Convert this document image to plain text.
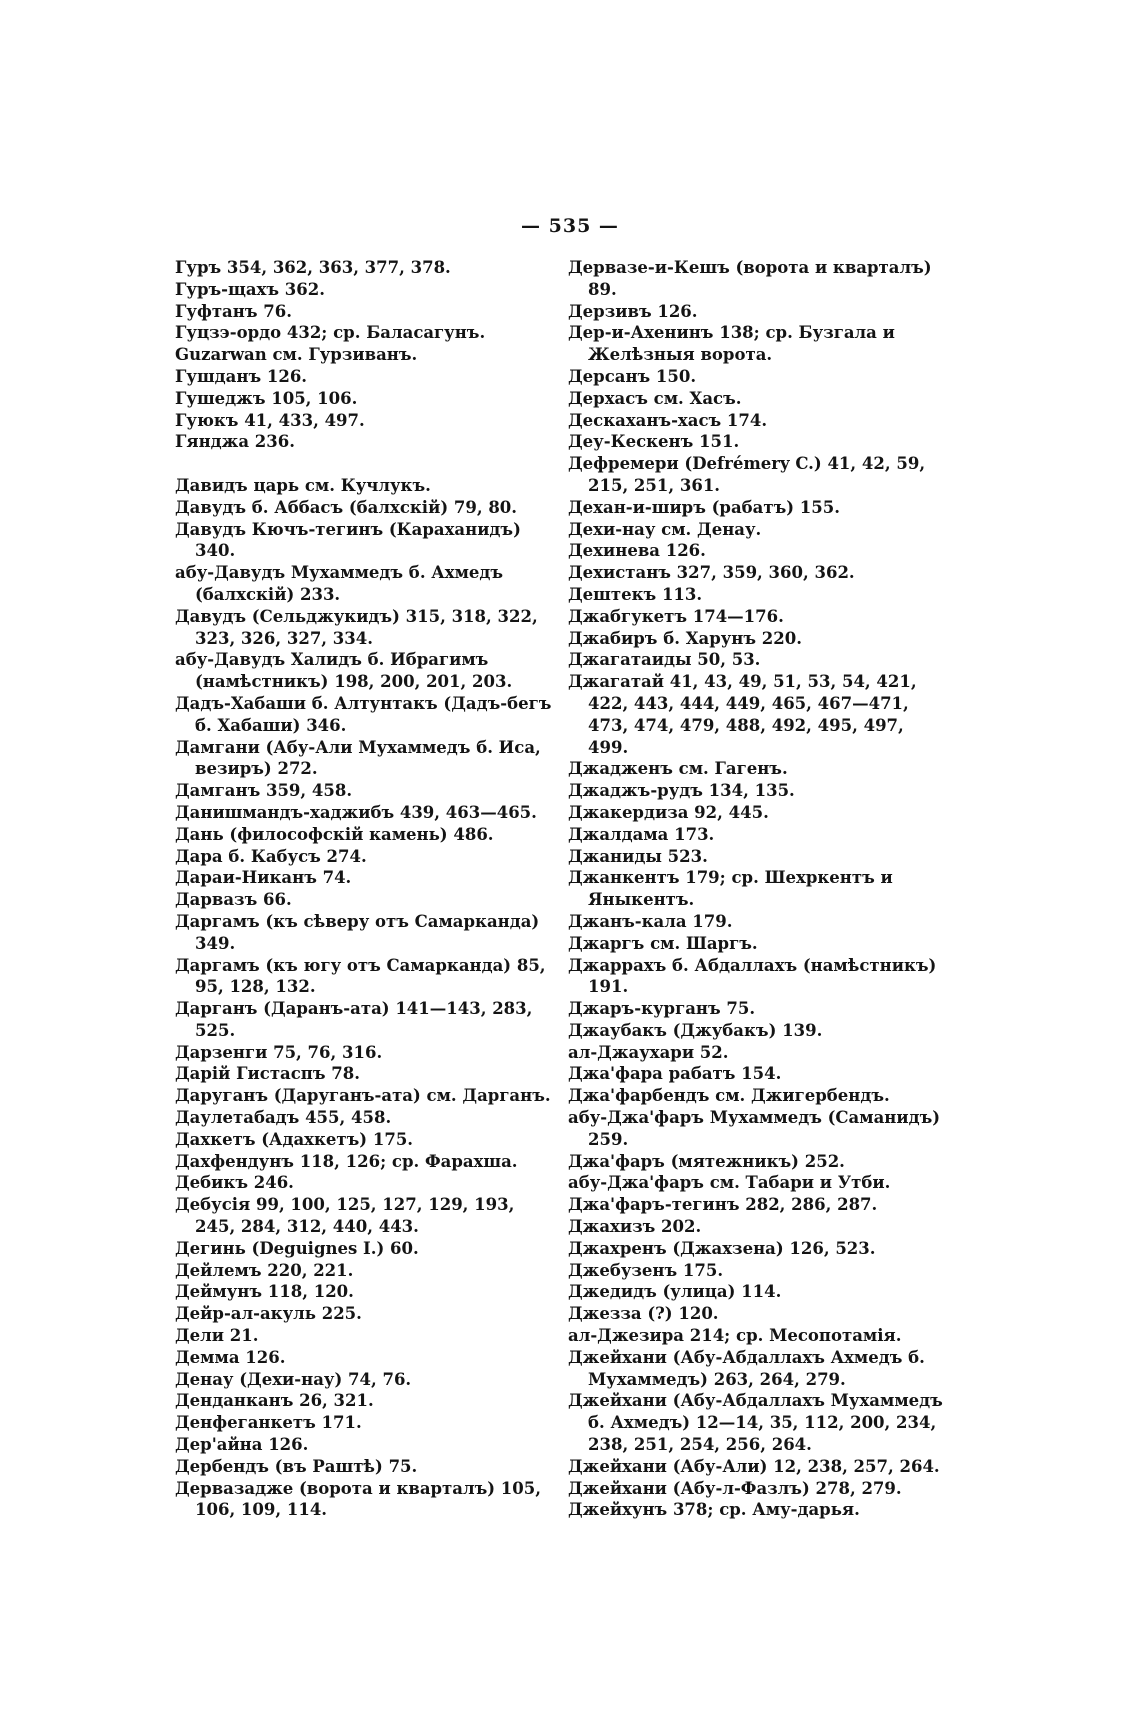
— 535 —
Гуръ 354, 362, 363, 377, 378.
Гуръ-щахъ 362.
Гуфтанъ 76.
Гуцзэ-ордо 432; ср. Баласагунъ.
Guzarwan см. Гурзиванъ.
Гушданъ 126.
Гушеджъ 105, 106.
Гуюкъ 41, 433, 497.
Гянджа 236.
Давидъ царь см. Кучлукъ.
Давудъ б. Аббасъ (балхскій) 79, 80.
Давудъ Кючъ-тегинъ (Караханидъ) 340.
абу-Давудъ Мухаммедъ б. Ахмедъ (балхскій) 233.
Давудъ (Сельджукидъ) 315, 318, 322, 323, 326, 327, 334.
абу-Давудъ Халидъ б. Ибрагимъ (намѣстникъ) 198, 200, 201, 203.
Дадъ-Хабаши б. Алтунтакъ (Дадъ-бегъ б. Хабаши) 346.
Дамгани (Абу-Али Мухаммедъ б. Иса, везиръ) 272.
Дамганъ 359, 458.
Данишмандъ-хаджибъ 439, 463—465.
Дань (философскій камень) 486.
Дара б. Кабусъ 274.
Дараи-Никанъ 74.
Дарвазъ 66.
Даргамъ (къ сѣверу отъ Самарканда) 349.
Даргамъ (къ югу отъ Самарканда) 85, 95, 128, 132.
Дарганъ (Даранъ-ата) 141—143, 283, 525.
Дарзенги 75, 76, 316.
Дарій Гистаспъ 78.
Даруганъ (Даруганъ-ата) см. Дарганъ.
Даулетабадъ 455, 458.
Дахкетъ (Адахкетъ) 175.
Дахфендунъ 118, 126; ср. Фарахша.
Дебикъ 246.
Дебусія 99, 100, 125, 127, 129, 193, 245, 284, 312, 440, 443.
Дегинь (Deguignes I.) 60.
Дейлемъ 220, 221.
Деймунъ 118, 120.
Дейр-ал-акуль 225.
Дели 21.
Демма 126.
Денау (Дехи-нау) 74, 76.
Денданканъ 26, 321.
Денфеганкетъ 171.
Дер'айна 126.
Дербендъ (въ Раштѣ) 75.
Дервазадже (ворота и кварталъ) 105, 106, 109, 114.
Дервазе-и-Кешъ (ворота и кварталъ) 89.
Дерзивъ 126.
Дер-и-Ахенинъ 138; ср. Бузгала и Желѣзныя ворота.
Дерсанъ 150.
Дерхасъ см. Хасъ.
Дескаханъ-хасъ 174.
Деу-Кескенъ 151.
Дефремери (Defrémery C.) 41, 42, 59, 215, 251, 361.
Дехан-и-ширъ (рабатъ) 155.
Дехи-нау см. Денау.
Дехинева 126.
Дехистанъ 327, 359, 360, 362.
Дештекъ 113.
Джабгукетъ 174—176.
Джабиръ б. Харунъ 220.
Джагатаиды 50, 53.
Джагатай 41, 43, 49, 51, 53, 54, 421, 422, 443, 444, 449, 465, 467—471, 473, 474, 479, 488, 492, 495, 497, 499.
Джадженъ см. Гагенъ.
Джаджъ-рудъ 134, 135.
Джакердиза 92, 445.
Джалдама 173.
Джаниды 523.
Джанкентъ 179; ср. Шехркентъ и Яныкентъ.
Джанъ-кала 179.
Джаргъ см. Шаргъ.
Джаррахъ б. Абдаллахъ (намѣстникъ) 191.
Джаръ-курганъ 75.
Джаубакъ (Джубакъ) 139.
ал-Джаухари 52.
Джа'фара рабатъ 154.
Джа'фарбендъ см. Джигербендъ.
абу-Джа'фаръ Мухаммедъ (Саманидъ) 259.
Джа'фаръ (мятежникъ) 252.
абу-Джа'фаръ см. Табари и Утби.
Джа'фаръ-тегинъ 282, 286, 287.
Джахизъ 202.
Джахренъ (Джахзена) 126, 523.
Джебузенъ 175.
Джедидъ (улица) 114.
Джезза (?) 120.
ал-Джезира 214; ср. Месопотамія.
Джейхани (Абу-Абдаллахъ Ахмедъ б. Мухаммедъ) 263, 264, 279.
Джейхани (Абу-Абдаллахъ Мухаммедъ б. Ахмедъ) 12—14, 35, 112, 200, 234, 238, 251, 254, 256, 264.
Джейхани (Абу-Али) 12, 238, 257, 264.
Джейхани (Абу-л-Фазлъ) 278, 279.
Джейхунъ 378; ср. Аму-дарья.
